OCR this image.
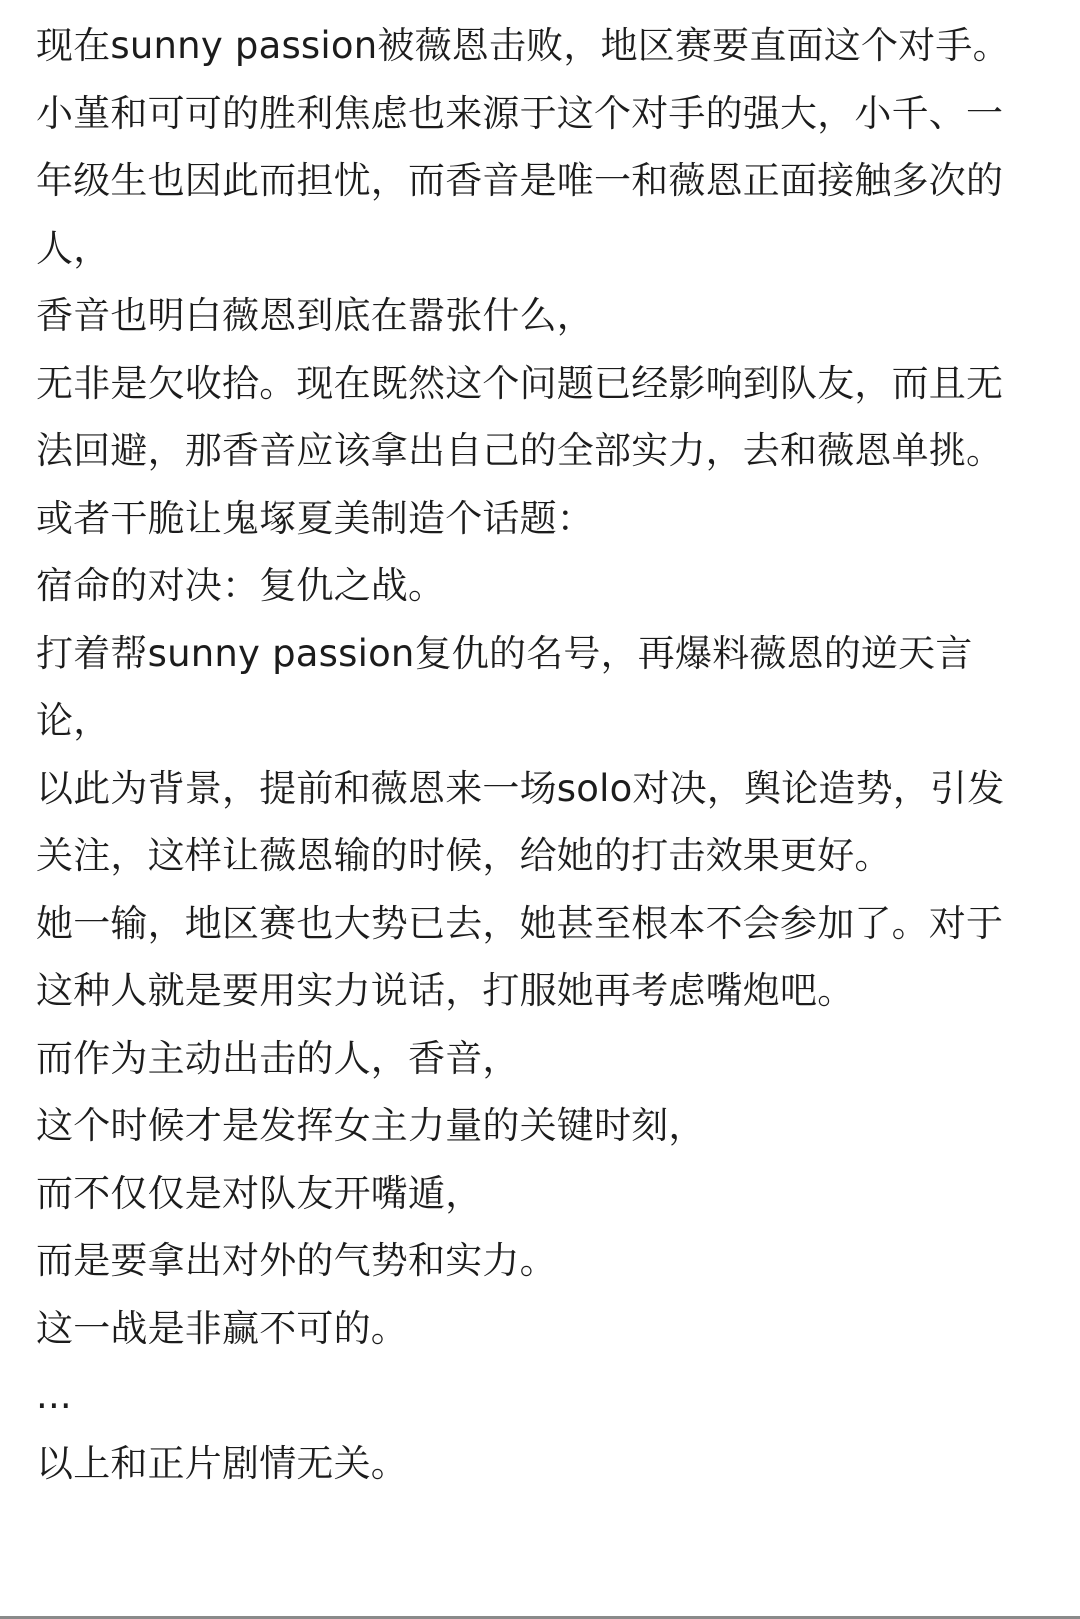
现在sunny passion被薇恩击败，地区赛要直面这个对手。小堇和可可的胜利焦虑也来源于这个对手的强大，小千、一年级生也因此而担忧，而香音是唯一和薇恩正面接触多次的人，

香音也明白薇恩到底在嚣张什么，

无非是欠收拾。现在既然这个问题已经影响到队友，而且无法回避，那香音应该拿出自己的全部实力，去和薇恩单挑。

或者干脆让鬼塚夏美制造个话题：

宿命的对决：复仇之战。

打着帮sunny passion复仇的名号，再爆料薇恩的逆天言论，

以此为背景，提前和薇恩来一场solo对决，舆论造势，引发关注，这样让薇恩输的时候，给她的打击效果更好。

她一输，地区赛也大势已去，她甚至根本不会参加了。对于这种人就是要用实力说话，打服她再考虑嘴炮吧。

而作为主动出击的人，香音，

这个时候才是发挥女主力量的关键时刻，

而不仅仅是对队友开嘴遁，

而是要拿出对外的气势和实力。

这一战是非赢不可的。

...

以上和正片剧情无关。
